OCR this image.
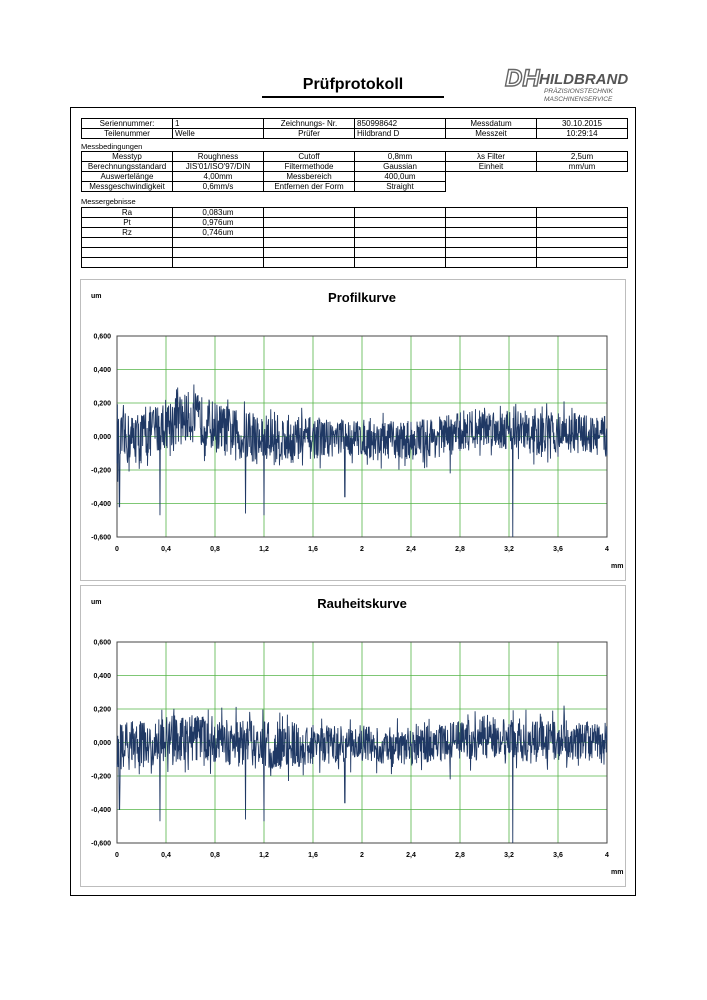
Prüfprotokoll	DH HILDBRAND
PRÄZISIONSTECHNIK
MASCHINENSERVICE
Seriennummer:	1	Zeichnungs- Nr.	850998642	Messdatum	30.10.2015
Teilenummer	Welle	Prüfer	Hildbrand D	Messzeit	10:29:14
Messbedingungen
Messtyp	Roughness	Cutoff	0,8mm	λs Filter	2,5um
Berechnungsstandard	JIS'01/ISO'97/DIN	Filtermethode	Gaussian	Einheit	mm/um
Auswertelänge	4,00mm	Messbereich	400,0um		
Messgeschwindigkeit	0,6mm/s	Entfernen der Form	Straight		
Messergebnisse
Ra	0,083um				
Pt	0,976um				
Rz	0,746um				

Profilkurve
um
mm
0	0,4	0,8	1,2	1,6	2	2,4	2,8	3,2	3,6	4
0,600
0,400
0,200
0,000
-0,200
-0,400
-0,600
Rauheitskurve
um
mm
0	0,4	0,8	1,2	1,6	2	2,4	2,8	3,2	3,6	4
0,600
0,400
0,200
0,000
-0,200
-0,400
-0,600
